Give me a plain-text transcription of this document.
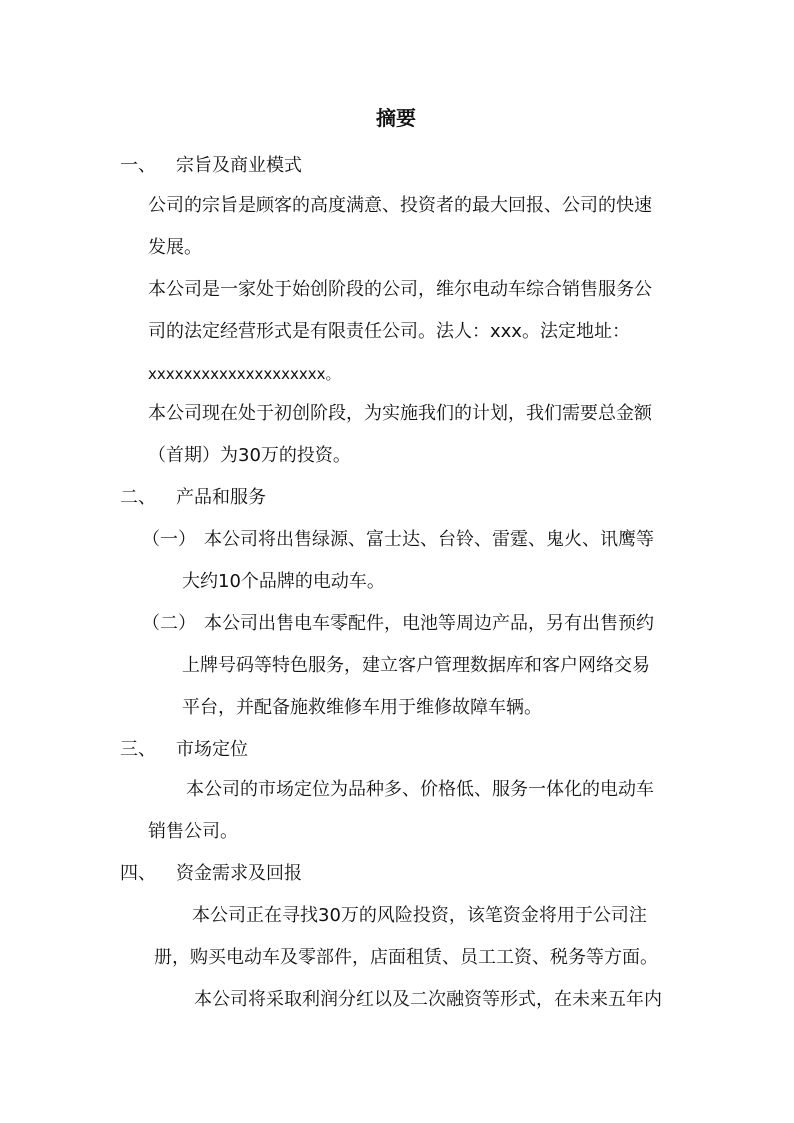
摘要
一、 宗旨及商业模式
公司的宗旨是顾客的高度满意、投资者的最大回报、公司的快速
发展。
本公司是一家处于始创阶段的公司，维尔电动车综合销售服务公
司的法定经营形式是有限责任公司。法人：xxx。法定地址：
xxxxxxxxxxxxxxxxxxxx。
本公司现在处于初创阶段，为实施我们的计划，我们需要总金额
（首期）为30万的投资。
二、 产品和服务
（一） 本公司将出售绿源、富士达、台铃、雷霆、鬼火、讯鹰等
大约10个品牌的电动车。
（二） 本公司出售电车零配件，电池等周边产品，另有出售预约
上牌号码等特色服务，建立客户管理数据库和客户网络交易
平台，并配备施救维修车用于维修故障车辆。
三、 市场定位
本公司的市场定位为品种多、价格低、服务一体化的电动车
销售公司。
四、 资金需求及回报
本公司正在寻找30万的风险投资，该笔资金将用于公司注
册，购买电动车及零部件，店面租赁、员工工资、税务等方面。
本公司将采取利润分红以及二次融资等形式，在未来五年内
